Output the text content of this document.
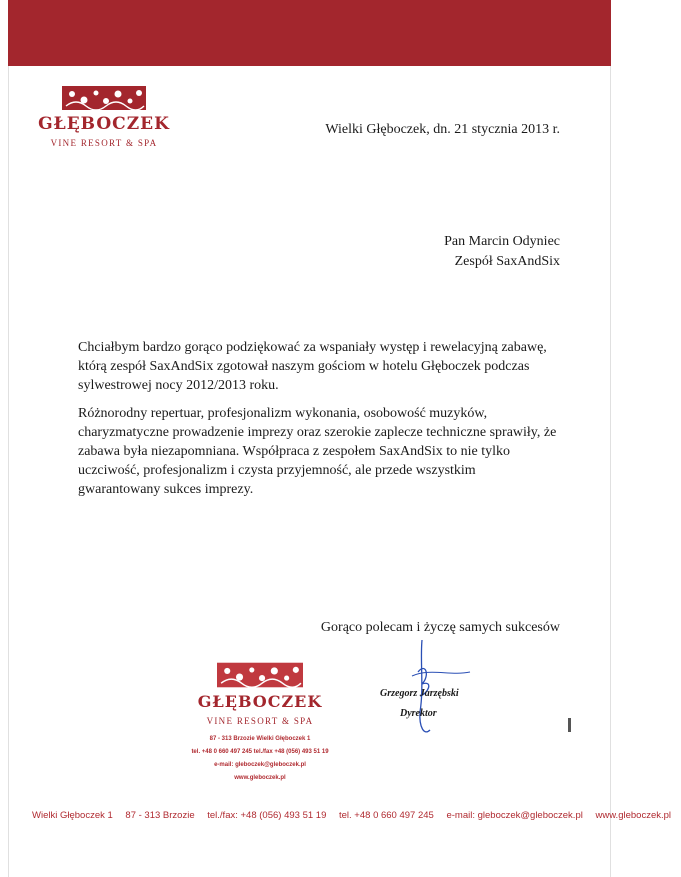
GŁĘBOCZEK
VINE RESORT & SPA
Wielki Głęboczek, dn. 21 stycznia 2013 r.
Pan Marcin Odyniec
Zespół SaxAndSix

Chciałbym bardzo gorąco podziękować za wspaniały występ i rewelacyjną zabawę, którą zespół SaxAndSix zgotował naszym gościom w hotelu Głęboczek podczas sylwestrowej nocy 2012/2013 roku.

Różnorodny repertuar, profesjonalizm wykonania, osobowość muzyków, charyzmatyczne prowadzenie imprezy oraz szerokie zaplecze techniczne sprawiły, że zabawa była niezapomniana. Współpraca z zespołem SaxAndSix to nie tylko uczciwość, profesjonalizm i czysta przyjemność, ale przede wszystkim gwarantowany sukces imprezy.

Gorąco polecam i życzę samych sukcesów
GŁĘBOCZEK
VINE RESORT & SPA
87 - 313 Brzozie Wielki Głęboczek 1
tel. +48 0 660 497 245 tel./fax +48 (056) 493 51 19
e-mail: gleboczek@gleboczek.pl www.gleboczek.pl
Grzegorz Jarzębski
Dyrektor
Wielki Głęboczek 1 87 - 313 Brzozie tel./fax: +48 (056) 493 51 19 tel. +48 0 660 497 245 e-mail: gleboczek@gleboczek.pl www.gleboczek.pl
